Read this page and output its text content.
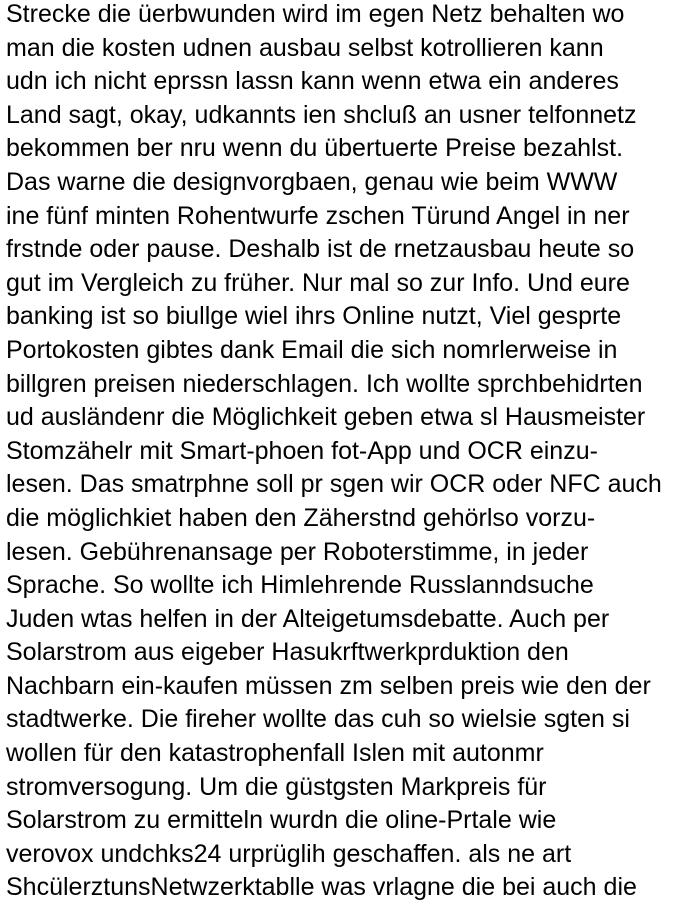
Strecke die üerbwunden wird im egen Netz behalten wo
man die kosten udnen ausbau selbst kotrollieren kann
udn ich nicht eprssn lassn kann wenn etwa ein anderes
Land sagt, okay, udkannts ien shcluß an usner telfonnetz
bekommen ber nru wenn du übertuerte Preise bezahlst.
Das warne die designvorgbaen, genau wie beim WWW
ine fünf minten Rohentwurfe zschen Türund Angel in ner
frstnde oder pause. Deshalb ist de rnetzausbau heute so
gut im Vergleich zu früher. Nur mal so zur Info. Und eure
banking ist so biullge wiel ihrs Online nutzt, Viel gesprte
Portokosten gibtes dank Email die sich nomrlerweise in
billgren preisen niederschlagen. Ich wollte sprchbehidrten
ud ausländenr die Möglichkeit geben etwa sl Hausmeister
Stomzähelr mit Smart-phoen fot-App und OCR einzu-
lesen. Das smatrphne soll pr sgen wir OCR oder NFC auch
die möglichkiet haben den Zäherstnd gehörlso vorzu-
lesen. Gebührenansage per Roboterstimme, in jeder
Sprache. So wollte ich Himlehrende Russlanndsuche
Juden wtas helfen in der Alteigetumsdebatte. Auch per
Solarstrom aus eigeber Hasukrftwerkprduktion den
Nachbarn ein-kaufen müssen zm selben preis wie den der
stadtwerke. Die fireher wollte das cuh so wielsie sgten si
wollen für den katastrophenfall Islen mit autonmr
stromversogung. Um die güstgsten Markpreis für
Solarstrom zu ermitteln wurdn die oline-Prtale wie
verovox undchks24 urprüglih geschaffen. als ne art
ShcülerztunsNetwzerktablle was vrlagne die bei auch die
